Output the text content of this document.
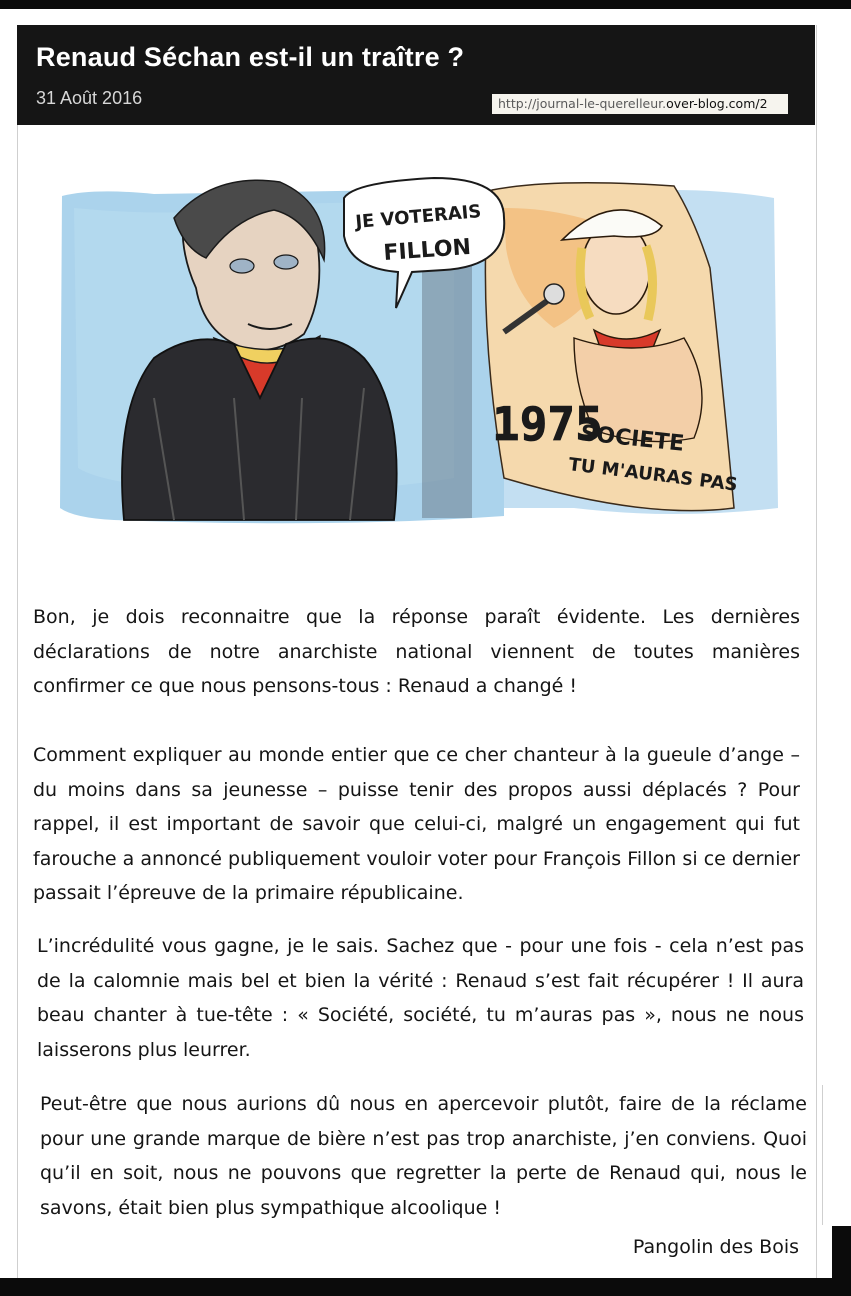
Renaud Séchan est-il un traître ?
31 Août 2016	http://journal-le-querelleur.over-blog.com/2
1975
SOCIETE
TU M'AURAS PAS
JE VOTERAIS
FILLON
Bon, je dois reconnaitre que la réponse paraît évidente. Les dernières déclarations de notre anarchiste national viennent de toutes manières confirmer ce que nous pensons-tous : Renaud a changé !
Comment expliquer au monde entier que ce cher chanteur à la gueule d’ange – du moins dans sa jeunesse – puisse tenir des propos aussi déplacés ? Pour rappel, il est important de savoir que celui-ci, malgré un engagement qui fut farouche a annoncé publiquement vouloir voter pour François Fillon si ce dernier passait l’épreuve de la primaire républicaine.
L’incrédulité vous gagne, je le sais. Sachez que - pour une fois - cela n’est pas de la calomnie mais bel et bien la vérité : Renaud s’est fait récupérer ! Il aura beau chanter à tue-tête : « Société, société, tu m’auras pas », nous ne nous laisserons plus leurrer.
Peut-être que nous aurions dû nous en apercevoir plutôt, faire de la réclame pour une grande marque de bière n’est pas trop anarchiste, j’en conviens. Quoi qu’il en soit, nous ne pouvons que regretter la perte de Renaud qui, nous le savons, était bien plus sympathique alcoolique !
Pangolin des Bois
